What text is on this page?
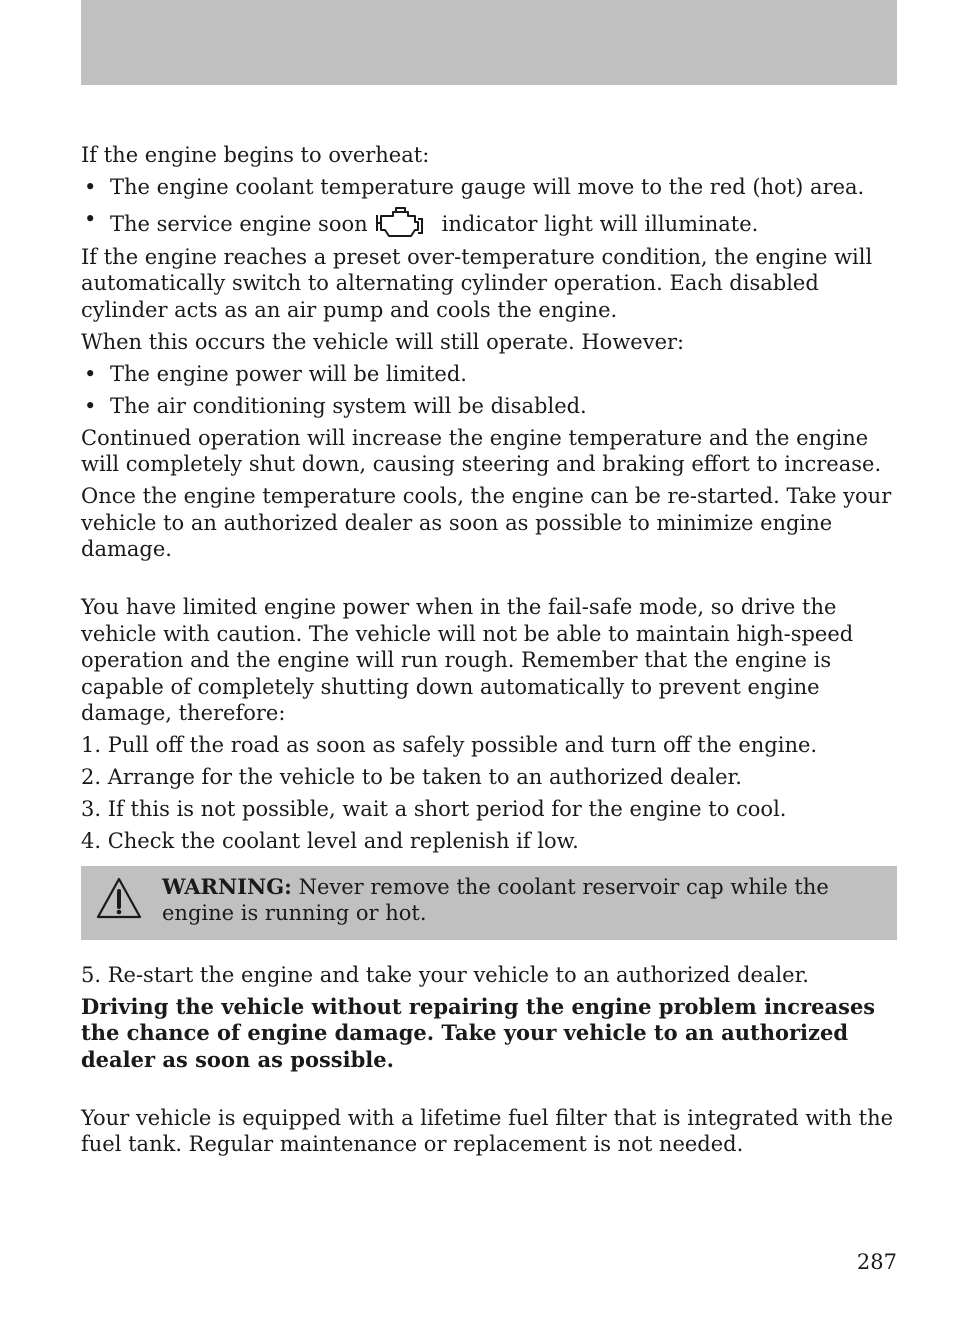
If the engine begins to overheat:

• The engine coolant temperature gauge will move to the red (hot) area.
• The service engine soon	indicator light will illuminate.

If the engine reaches a preset over-temperature condition, the engine will automatically switch to alternating cylinder operation. Each disabled cylinder acts as an air pump and cools the engine.

When this occurs the vehicle will still operate. However:

• The engine power will be limited.
• The air conditioning system will be disabled.

Continued operation will increase the engine temperature and the engine will completely shut down, causing steering and braking effort to increase.

Once the engine temperature cools, the engine can be re-started. Take your vehicle to an authorized dealer as soon as possible to minimize engine damage.

You have limited engine power when in the fail-safe mode, so drive the vehicle with caution. The vehicle will not be able to maintain high-speed operation and the engine will run rough. Remember that the engine is capable of completely shutting down automatically to prevent engine damage, therefore:

1. Pull off the road as soon as safely possible and turn off the engine.
2. Arrange for the vehicle to be taken to an authorized dealer.
3. If this is not possible, wait a short period for the engine to cool.
4. Check the coolant level and replenish if low.
WARNING: Never remove the coolant reservoir cap while the engine is running or hot.

5. Re-start the engine and take your vehicle to an authorized dealer.

Driving the vehicle without repairing the engine problem increases the chance of engine damage. Take your vehicle to an authorized dealer as soon as possible.

Your vehicle is equipped with a lifetime fuel filter that is integrated with the fuel tank. Regular maintenance or replacement is not needed.

287
